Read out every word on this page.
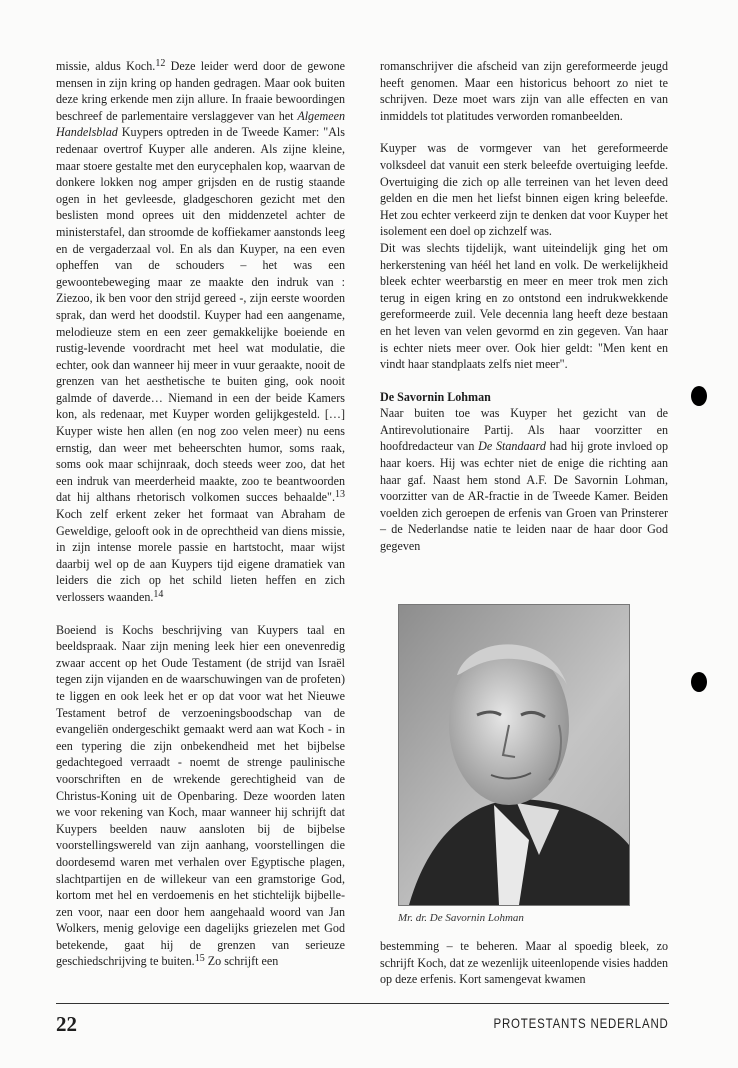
missie, aldus Koch.$^{12}$ Deze leider werd door de gewone mensen in zijn kring op handen gedragen. Maar ook buiten deze kring erkende men zijn allure. In fraaie bewoordingen beschreef de parlementaire verslaggever van het Algemeen Handelsblad Kuypers optreden in de Tweede Kamer: "Als redenaar overtrof Kuyper alle anderen. Als zijne kleine, maar stoere gestalte met den eurycephalen kop, waarvan de donkere lokken nog amper grijsden en de rustig staande ogen in het gevleesde, gladgeschoren gezicht met den beslisten mond oprees uit den middenzetel achter de ministerstafel, dan stroomde de koffiekamer aanstonds leeg en de vergaderzaal vol. En als dan Kuyper, na een even opheffen van de schouders – het was een gewoontebeweging maar ze maakte den indruk van : Ziezoo, ik ben voor den strijd gereed -, zijn eerste woorden sprak, dan werd het doodstil. Kuyper had een aangename, melodieuze stem en een zeer gemakkelijke boeiende en rustig-levende voordracht met heel wat modulatie, die echter, ook dan wanneer hij meer in vuur geraakte, nooit de grenzen van het aesthetische te buiten ging, ook nooit galmde of daverde… Niemand in een der beide Kamers kon, als redenaar, met Kuyper worden gelijkgesteld. […] Kuyper wiste hen allen (en nog zoo velen meer) nu eens ernstig, dan weer met beheerschten humor, soms raak, soms ook maar schijnraak, doch steeds weer zoo, dat het een indruk van meerderheid maakte, zoo te beantwoorden dat hij althans rhetorisch volkomen succes behaalde".$^{13}$ Koch zelf erkent zeker het formaat van Abraham de Geweldige, gelooft ook in de oprechtheid van diens missie, in zijn intense morele passie en hartstocht, maar wijst daarbij wel op de aan Kuypers tijd eigene dramatiek van leiders die zich op het schild lieten heffen en zich verlossers waanden.$^{14}$

Boeiend is Kochs beschrijving van Kuypers taal en beeldspraak. Naar zijn mening leek hier een onevenredig zwaar accent op het Oude Testament (de strijd van Israël tegen zijn vijanden en de waarschuwingen van de profeten) te liggen en ook leek het er op dat voor wat het Nieuwe Testament betrof de verzoeningsboodschap van de evangeliën ondergeschikt gemaakt werd aan wat Koch - in een typering die zijn onbekendheid met het bijbelse gedachtegoed verraadt - noemt de strenge paulinische voorschriften en de wrekende gerechtigheid van de Christus-Koning uit de Openbaring. Deze woorden laten we voor rekening van Koch, maar wanneer hij schrijft dat Kuypers beelden nauw aansloten bij de bijbelse voorstellingswereld van zijn aanhang, voorstellingen die doordesemd waren met verhalen over Egyptische plagen, slachtpartijen en de willekeur van een gramstorige God, kortom met hel en verdoemenis en het stichtelijk bijbellezen voor, naar een door hem aangehaald woord van Jan Wolkers, menig gelovige een dagelijks griezelen met God betekende, gaat hij de grenzen van serieuze geschiedschrijving te buiten.$^{15}$ Zo schrijft een

romanschrijver die afscheid van zijn gereformeerde jeugd heeft genomen. Maar een historicus behoort zo niet te schrijven. Deze moet wars zijn van alle effecten en van inmiddels tot platitudes verworden romanbeelden.

Kuyper was de vormgever van het gereformeerde volksdeel dat vanuit een sterk beleefde overtuiging leefde. Overtuiging die zich op alle terreinen van het leven deed gelden en die men het liefst binnen eigen kring beleefde. Het zou echter verkeerd zijn te denken dat voor Kuyper het isolement een doel op zichzelf was.

Dit was slechts tijdelijk, want uiteindelijk ging het om herkerstening van héél het land en volk. De werkelijkheid bleek echter weerbarstig en meer en meer trok men zich terug in eigen kring en zo ontstond een indrukwekkende gereformeerde zuil. Vele decennia lang heeft deze bestaan en het leven van velen gevormd en zin gegeven. Van haar is echter niets meer over. Ook hier geldt: "Men kent en vindt haar standplaats zelfs niet meer".

De Savornin Lohman

Naar buiten toe was Kuyper het gezicht van de Antirevolutionaire Partij. Als haar voorzitter en hoofdredacteur van De Standaard had hij grote invloed op haar koers. Hij was echter niet de enige die richting aan haar gaf. Naast hem stond A.F. De Savornin Lohman, voorzitter van de AR-fractie in de Tweede Kamer. Beiden voelden zich geroepen de erfenis van Groen van Prinsterer – de Nederlandse natie te leiden naar de haar door God gegeven

Mr. dr. De Savornin Lohman

bestemming – te beheren. Maar al spoedig bleek, zo schrijft Koch, dat ze wezenlijk uiteenlopende visies hadden op deze erfenis. Kort samengevat kwamen

22	PROTESTANTS NEDERLAND
